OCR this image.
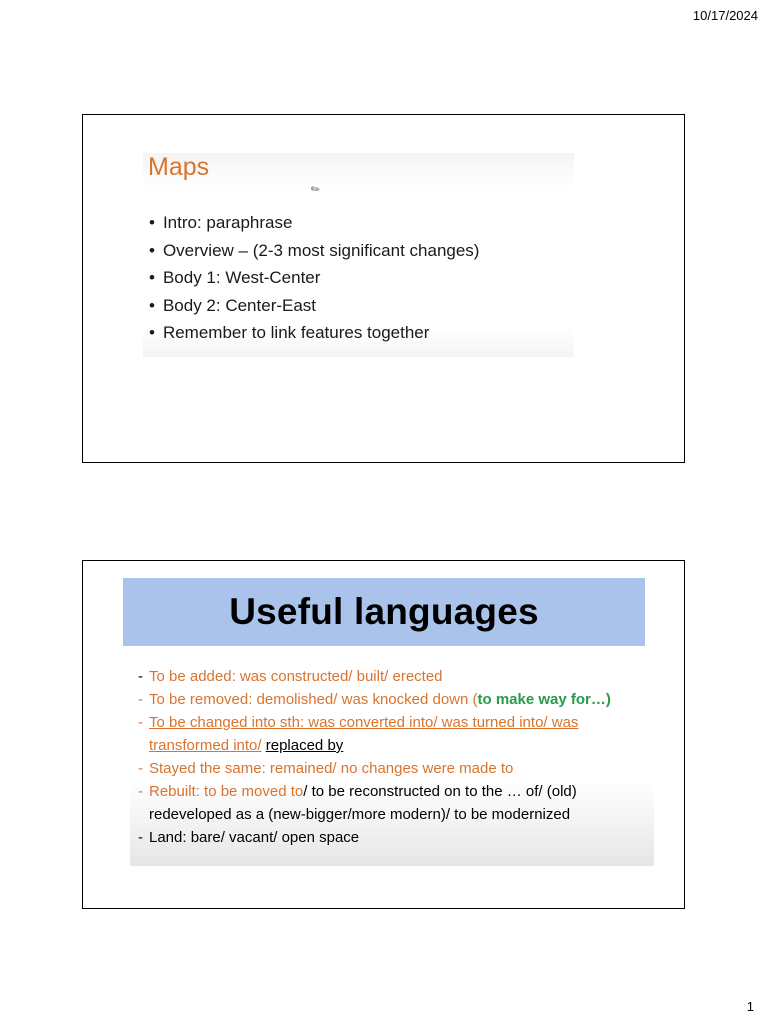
10/17/2024
Maps
✎
• Intro: paraphrase
• Overview – (2-3 most significant changes)
• Body 1: West-Center
• Body 2: Center-East
• Remember to link features together
Useful languages
- To be added: was constructed/ built/ erected
- To be removed: demolished/ was knocked down (to make way for…)
- To be changed into sth: was converted into/ was turned into/ was
transformed into/ replaced by
- Stayed the same: remained/ no changes were made to
- Rebuilt: to be moved to/ to be reconstructed on to the … of/ (old)
redeveloped as a (new-bigger/more modern)/ to be modernized
- Land: bare/ vacant/ open space
1
